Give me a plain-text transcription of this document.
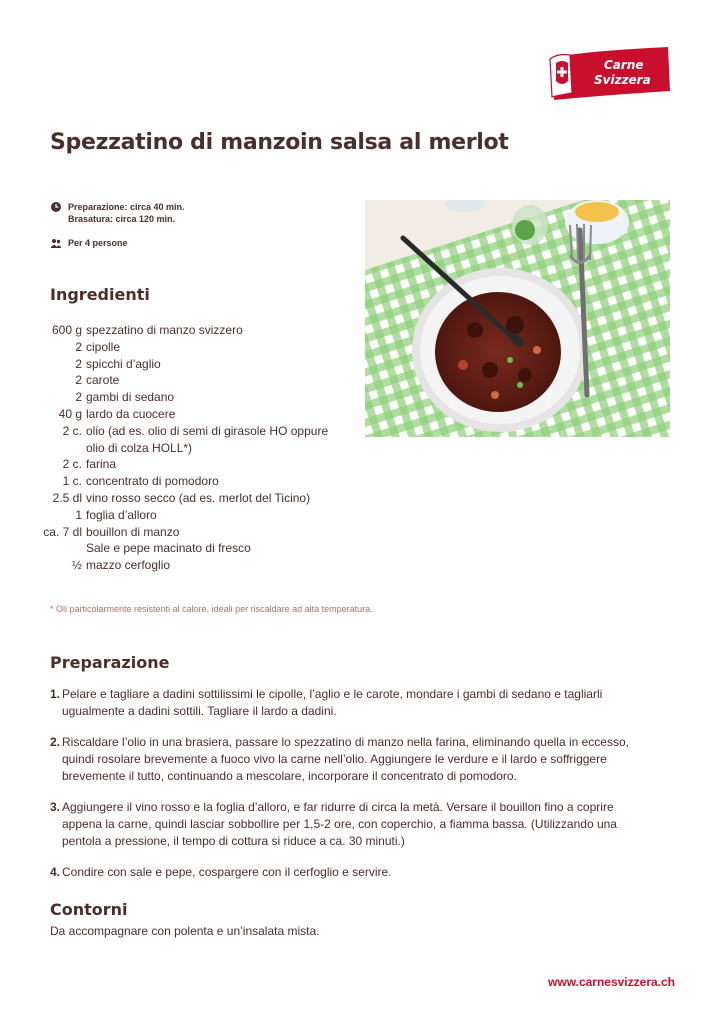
Carne
Svizzera
Spezzatino di manzoin salsa al merlot
Preparazione: circa 40 min.
Brasatura: circa 120 min.
Per 4 persone
Ingredienti
600 g spezzatino di manzo svizzero
2 cipolle
2 spicchi d’aglio
2 carote
2 gambi di sedano
40 g lardo da cuocere
2 c. olio (ad es. olio di semi di girasole HO oppure olio di colza HOLL*)
2 c. farina
1 c. concentrato di pomodoro
2.5 dl vino rosso secco (ad es. merlot del Ticino)
1 foglia d’alloro
ca. 7 dl bouillon di manzo
Sale e pepe macinato di fresco
½ mazzo cerfoglio
* Oli particolarmente resistenti al calore, ideali per riscaldare ad alta temperatura.
Preparazione
1. Pelare e tagliare a dadini sottilissimi le cipolle, l’aglio e le carote, mondare i gambi di sedano e tagliarli ugualmente a dadini sottili. Tagliare il lardo a dadini.
2. Riscaldare l’olio in una brasiera, passare lo spezzatino di manzo nella farina, eliminando quella in eccesso, quindi rosolare brevemente a fuoco vivo la carne nell’olio. Aggiungere le verdure e il lardo e soffriggere brevemente il tutto, continuando a mescolare, incorporare il concentrato di pomodoro.
3. Aggiungere il vino rosso e la foglia d’alloro, e far ridurre di circa la metà. Versare il bouillon fino a coprire appena la carne, quindi lasciar sobbollire per 1,5-2 ore, con coperchio, a fiamma bassa. (Utilizzando una pentola a pressione, il tempo di cottura si riduce a ca. 30 minuti.)
4. Condire con sale e pepe, cospargere con il cerfoglio e servire.
Contorni
Da accompagnare con polenta e un’insalata mista.
www.carnesvizzera.ch
